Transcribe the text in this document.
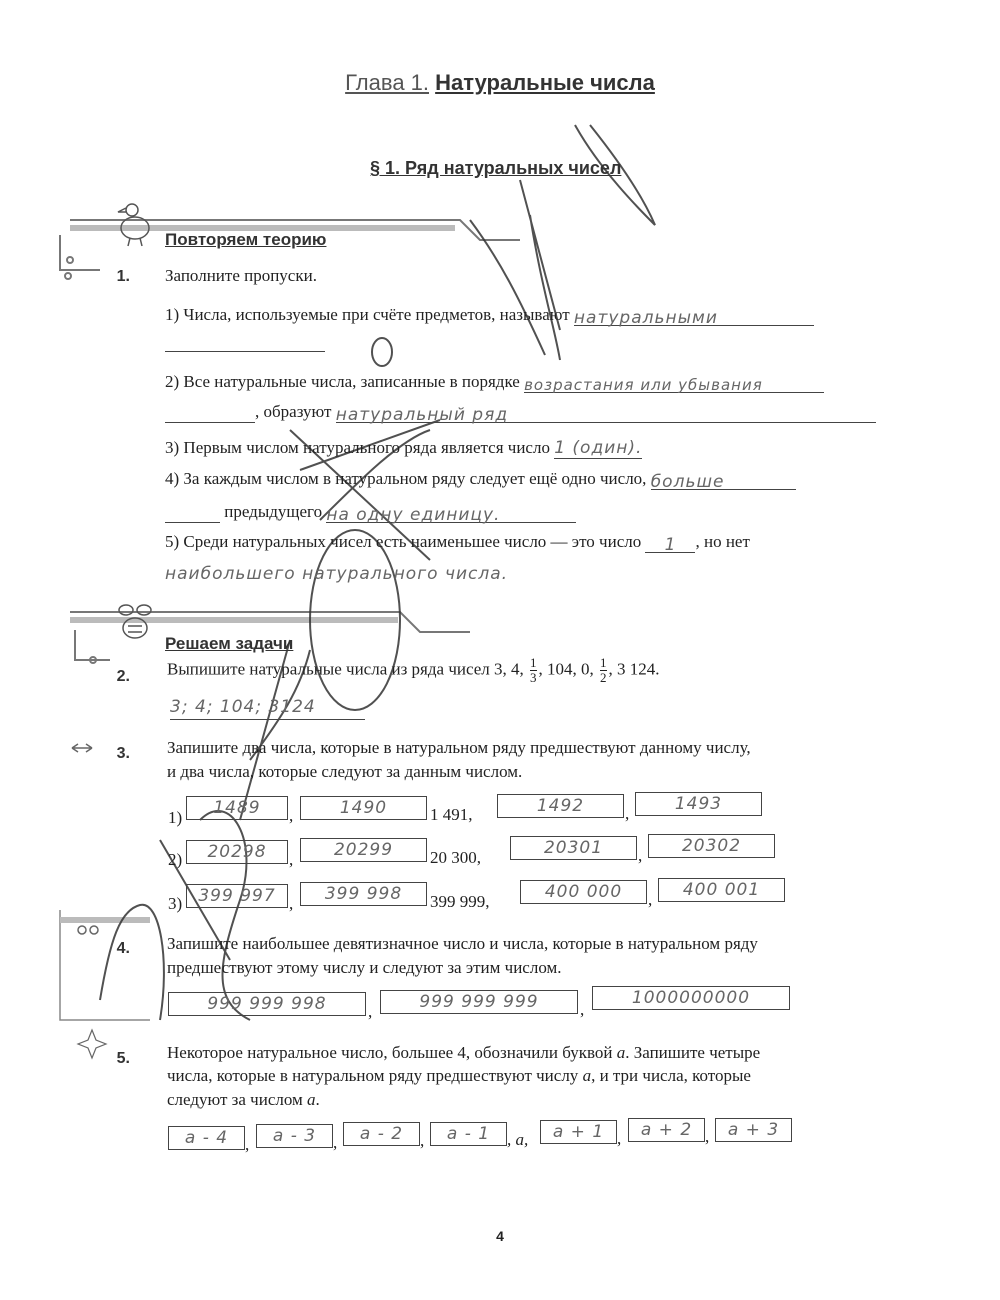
Глава 1. Натуральные числа
§ 1. Ряд натуральных чисел
Повторяем теорию
1. Заполните пропуски.
1) Числа, используемые при счёте предметов, называют натуральными
2) Все натуральные числа, записанные в порядке возрастания или убывания
, образуют натуральный ряд
3) Первым числом натурального ряда является число 1 (один).
4) За каждым числом в натуральном ряду следует ещё одно число, больше
предыдущего на одну единицу.
5) Среди натуральных чисел есть наименьшее число — это число 1 , но нет
наибольшего натурального числа.
Решаем задачи
2. Выпишите натуральные числа из ряда чисел 3, 4, $\frac{1}{3}$ , 104, 0, $\frac{1}{2}$ , 3 124.
3; 4; 104; 3124
3. Запишите два числа, которые в натуральном ряду предшествуют данному числу,
и два числа, которые следуют за данным числом.
1)	1489	,	1490	1 491,	1492	,	1493
2)	20298	,	20299	20 300,	20301	,	20302
3) 399 997 ,	399 998	399 999,	400 000	,	400 001
4. Запишите наибольшее девятизначное число и числа, которые в натуральном ряду
предшествуют этому числу и следуют за этим числом.
999 999 998	,	999 999 999	,
1000000000
5. Некоторое натуральное число, большее 4, обозначили буквой a. Запишите четыре
числа, которые в натуральном ряду предшествуют числу a, и три числа, которые
следуют за числом a.
a - 4 ,	a - 3 ,	a - 2 ,	a - 1 , a,	a + 1 ,	a + 2 ,	a + 3
4
